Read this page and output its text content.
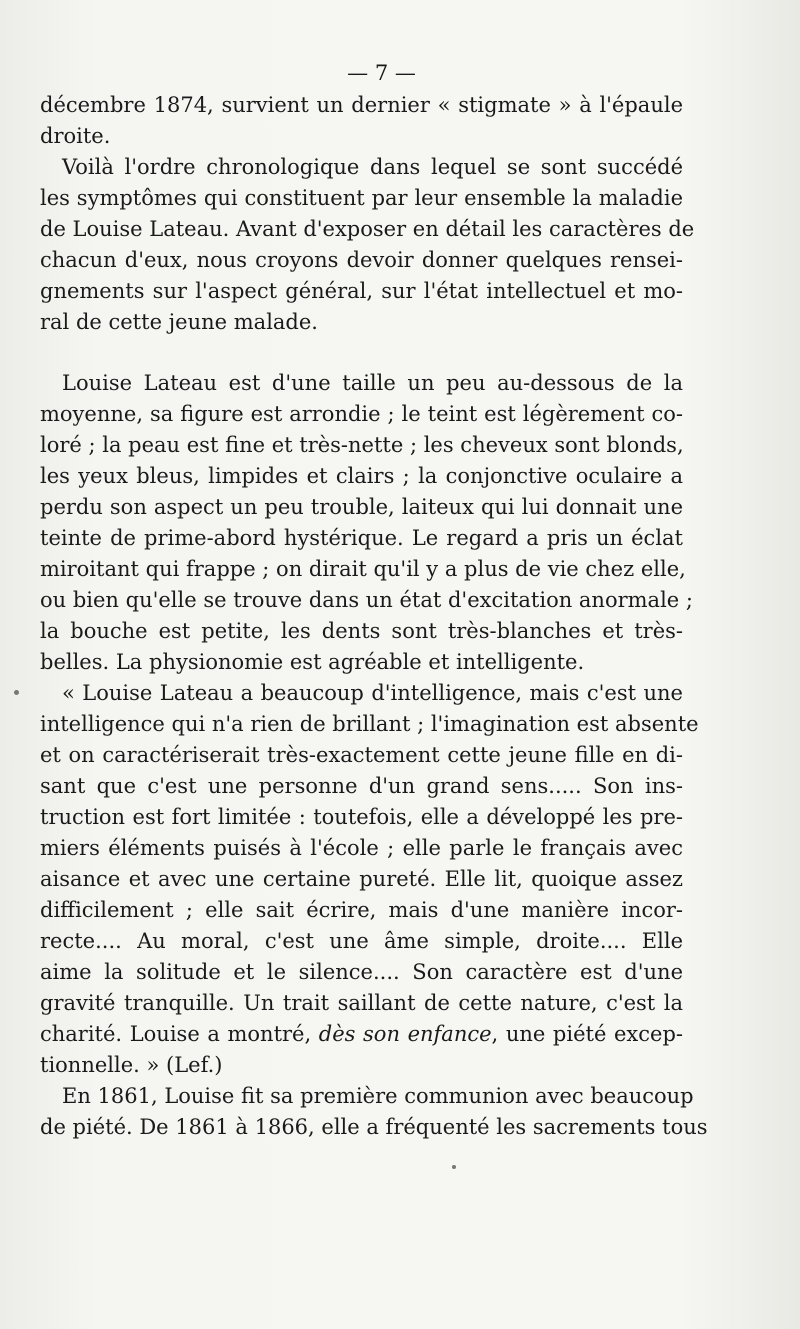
— 7 —
décembre 1874, survient un dernier « stigmate » à l'épaule
droite.
Voilà l'ordre chronologique dans lequel se sont succédé
les symptômes qui constituent par leur ensemble la maladie
de Louise Lateau. Avant d'exposer en détail les caractères de
chacun d'eux, nous croyons devoir donner quelques rensei-
gnements sur l'aspect général, sur l'état intellectuel et mo-
ral de cette jeune malade.
Louise Lateau est d'une taille un peu au-dessous de la
moyenne, sa figure est arrondie ; le teint est légèrement co-
loré ; la peau est fine et très-nette ; les cheveux sont blonds,
les yeux bleus, limpides et clairs ; la conjonctive oculaire a
perdu son aspect un peu trouble, laiteux qui lui donnait une
teinte de prime-abord hystérique. Le regard a pris un éclat
miroitant qui frappe ; on dirait qu'il y a plus de vie chez elle,
ou bien qu'elle se trouve dans un état d'excitation anormale ;
la bouche est petite, les dents sont très-blanches et très-
belles. La physionomie est agréable et intelligente.
« Louise Lateau a beaucoup d'intelligence, mais c'est une
intelligence qui n'a rien de brillant ; l'imagination est absente
et on caractériserait très-exactement cette jeune fille en di-
sant que c'est une personne d'un grand sens..... Son ins-
truction est fort limitée : toutefois, elle a développé les pre-
miers éléments puisés à l'école ; elle parle le français avec
aisance et avec une certaine pureté. Elle lit, quoique assez
difficilement ; elle sait écrire, mais d'une manière incor-
recte.... Au moral, c'est une âme simple, droite.... Elle
aime la solitude et le silence.... Son caractère est d'une
gravité tranquille. Un trait saillant de cette nature, c'est la
charité. Louise a montré, dès son enfance, une piété excep-
tionnelle. » (Lef.)
En 1861, Louise fit sa première communion avec beaucoup
de piété. De 1861 à 1866, elle a fréquenté les sacrements tous
